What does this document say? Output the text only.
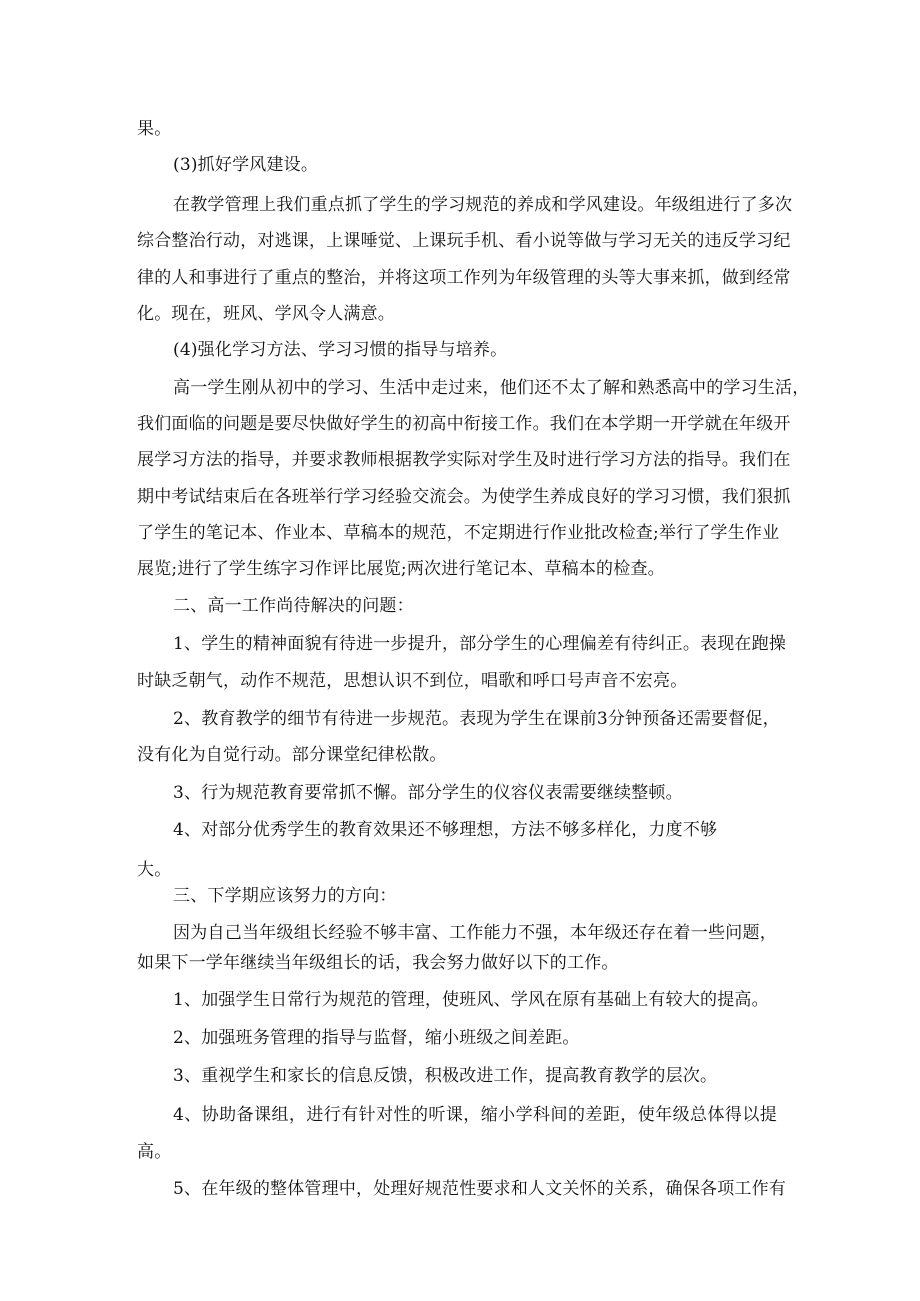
果。
(3)抓好学风建设。
在教学管理上我们重点抓了学生的学习规范的养成和学风建设。年级组进行了多次
综合整治行动，对逃课，上课唾觉、上课玩手机、看小说等做与学习无关的违反学习纪
律的人和事进行了重点的整治，并将这项工作列为年级管理的头等大事来抓，做到经常
化。现在，班风、学风令人满意。
(4)强化学习方法、学习习惯的指导与培养。
高一学生刚从初中的学习、生活中走过来，他们还不太了解和熟悉高中的学习生活，
我们面临的问题是要尽快做好学生的初高中衔接工作。我们在本学期一开学就在年级开
展学习方法的指导，并要求教师根据教学实际对学生及时进行学习方法的指导。我们在
期中考试结束后在各班举行学习经验交流会。为使学生养成良好的学习习惯，我们狠抓
了学生的笔记本、作业本、草稿本的规范，不定期进行作业批改检查;举行了学生作业
展览;进行了学生练字习作评比展览;两次进行笔记本、草稿本的检查。
二、高一工作尚待解决的问题：
1、学生的精神面貌有待进一步提升，部分学生的心理偏差有待纠正。表现在跑操
时缺乏朝气，动作不规范，思想认识不到位，唱歌和呼口号声音不宏亮。
2、教育教学的细节有待进一步规范。表现为学生在课前3分钟预备还需要督促，
没有化为自觉行动。部分课堂纪律松散。
3、行为规范教育要常抓不懈。部分学生的仪容仪表需要继续整顿。
4、对部分优秀学生的教育效果还不够理想，方法不够多样化，力度不够
大。
三、下学期应该努力的方向：
因为自己当年级组长经验不够丰富、工作能力不强，本年级还存在着一些问题，
如果下一学年继续当年级组长的话，我会努力做好以下的工作。
1、加强学生日常行为规范的管理，使班风、学风在原有基础上有较大的提高。
2、加强班务管理的指导与监督，缩小班级之间差距。
3、重视学生和家长的信息反馈，积极改进工作，提高教育教学的层次。
4、协助备课组，进行有针对性的听课，缩小学科间的差距，使年级总体得以提
高。
5、在年级的整体管理中，处理好规范性要求和人文关怀的关系，确保各项工作有
